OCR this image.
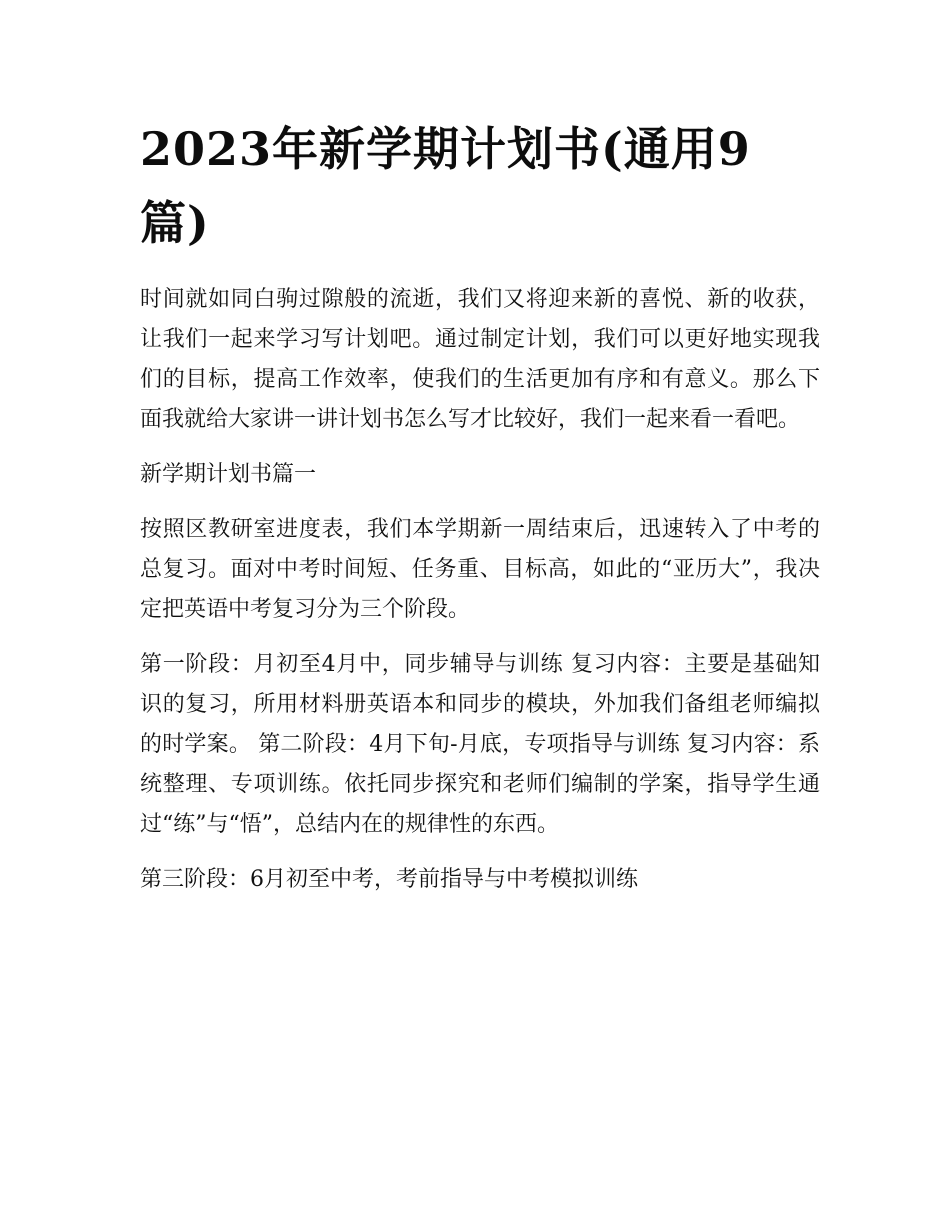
2023年新学期计划书(通用9篇)

时间就如同白驹过隙般的流逝，我们又将迎来新的喜悦、新的收获，让我们一起来学习写计划吧。通过制定计划，我们可以更好地实现我们的目标，提高工作效率，使我们的生活更加有序和有意义。那么下面我就给大家讲一讲计划书怎么写才比较好，我们一起来看一看吧。

新学期计划书篇一

按照区教研室进度表，我们本学期新一周结束后，迅速转入了中考的总复习。面对中考时间短、任务重、目标高，如此的“亚历大”，我决定把英语中考复习分为三个阶段。

第一阶段：月初至4月中，同步辅导与训练 复习内容：主要是基础知识的复习，所用材料册英语本和同步的模块，外加我们备组老师编拟的时学案。 第二阶段：4月下旬-月底，专项指导与训练 复习内容：系统整理、专项训练。依托同步探究和老师们编制的学案，指导学生通过“练”与“悟”，总结内在的规律性的东西。

第三阶段：6月初至中考，考前指导与中考模拟训练
